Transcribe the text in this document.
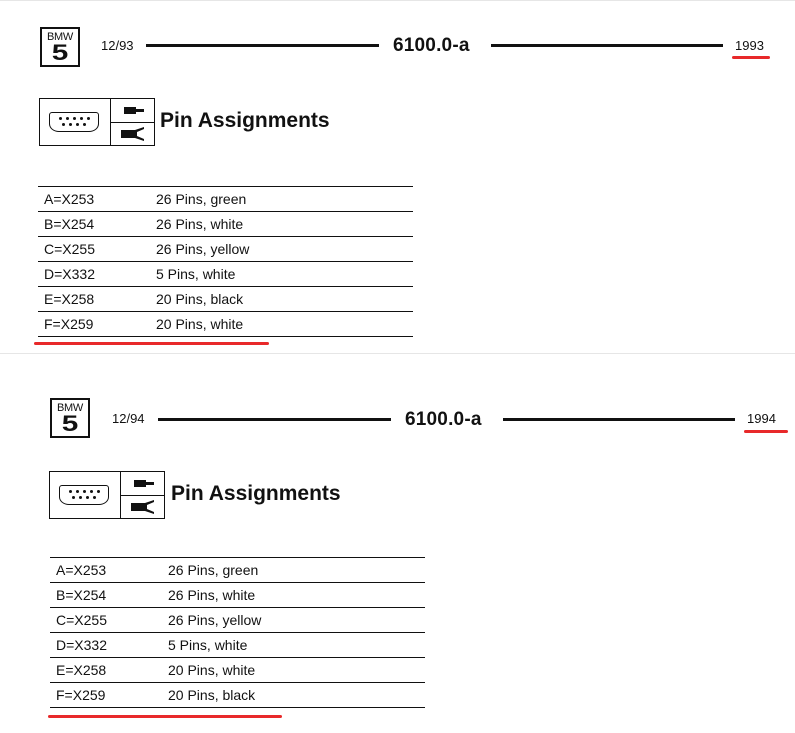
BMW
5	12/93	6100.0-a	1993
Pin Assignments
A=X253	26 Pins, green
B=X254	26 Pins, white
C=X255	26 Pins, yellow
D=X332	5 Pins, white
E=X258	20 Pins, black
F=X259	20 Pins, white
BMW
5	12/94	6100.0-a	1994
Pin Assignments
A=X253	26 Pins, green
B=X254	26 Pins, white
C=X255	26 Pins, yellow
D=X332	5 Pins, white
E=X258	20 Pins, white
F=X259	20 Pins, black
